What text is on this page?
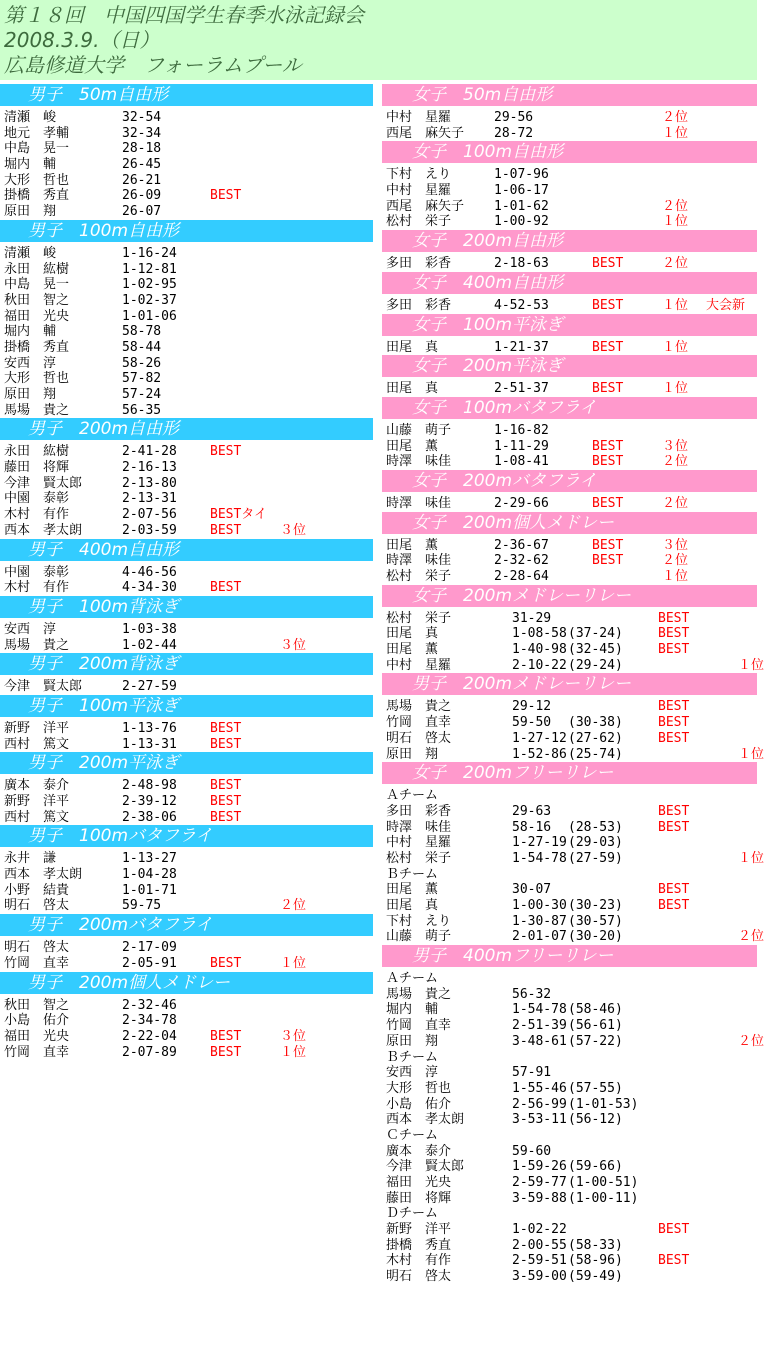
第１８回　中国四国学生春季水泳記録会
2008.3.9.（日）
広島修道大学　フォーラムプール
男子　50m自由形
清瀬　峻	32-54
地元　孝輔	32-34
中島　晃一	28-18
堀内　輔	26-45
大形　哲也	26-21
掛橋　秀直	26-09	BEST
原田　翔	26-07
男子　100m自由形
清瀬　峻	1-16-24
永田　紘樹	1-12-81
中島　晃一	1-02-95
秋田　智之	1-02-37
福田　光央	1-01-06
堀内　輔	58-78
掛橋　秀直	58-44
安西　淳	58-26
大形　哲也	57-82
原田　翔	57-24
馬場　貴之	56-35
男子　200m自由形
永田　紘樹	2-41-28	BEST
藤田　将輝	2-16-13
今津　賢太郎	2-13-80
中園　泰彰	2-13-31
木村　有作	2-07-56	BESTタイ
西本　孝太朗	2-03-59	BEST	３位
男子　400m自由形
中園　泰彰	4-46-56
木村　有作	4-34-30	BEST
男子　100m背泳ぎ
安西　淳	1-03-38
馬場　貴之	1-02-44	３位
男子　200m背泳ぎ
今津　賢太郎	2-27-59
男子　100m平泳ぎ
新野　洋平	1-13-76	BEST
西村　篤文	1-13-31	BEST
男子　200m平泳ぎ
廣本　泰介	2-48-98	BEST
新野　洋平	2-39-12	BEST
西村　篤文	2-38-06	BEST
男子　100mバタフライ
永井　謙	1-13-27
西本　孝太朗	1-04-28
小野　結貴	1-01-71
明石　啓太	59-75	２位
男子　200mバタフライ
明石　啓太	2-17-09
竹岡　直幸	2-05-91	BEST	１位
男子　200m個人メドレー
秋田　智之	2-32-46
小島　佑介	2-34-78
福田　光央	2-22-04	BEST	３位
竹岡　直幸	2-07-89	BEST	１位
女子　50m自由形
中村　星羅	29-56	２位
西尾　麻矢子 28-72	１位
女子　100m自由形
下村　えり	1-07-96
中村　星羅	1-06-17
西尾　麻矢子 1-01-62	２位
松村　栄子	1-00-92	１位
女子　200m自由形
多田　彩香	2-18-63	BEST	２位
女子　400m自由形
多田　彩香	4-52-53	BEST	１位 大会新
女子　100m平泳ぎ
田尾　真	1-21-37	BEST	１位
女子　200m平泳ぎ
田尾　真	2-51-37	BEST	１位
女子　100mバタフライ
山藤　萌子	1-16-82
田尾　薫	1-11-29	BEST	３位
時澤　味佳	1-08-41	BEST	２位
女子　200mバタフライ
時澤　味佳	2-29-66	BEST	２位
女子　200m個人メドレー
田尾　薫	2-36-67	BEST	３位
時澤　味佳	2-32-62	BEST	２位
松村　栄子	2-28-64	１位
女子　200mメドレーリレー
松村　栄子	31-29	BEST
田尾　真	1-08-58 (37-24)	BEST
田尾　薫	1-40-98 (32-45)	BEST
中村　星羅	2-10-22 (29-24)	１位
男子　200mメドレーリレー
馬場　貴之	29-12	BEST
竹岡　直幸	59-50 (30-38)	BEST
明石　啓太	1-27-12 (27-62)	BEST
原田　翔	1-52-86 (25-74)	１位
女子　200mフリーリレー
Ａチーム
多田　彩香	29-63	BEST
時澤　味佳	58-16 (28-53)	BEST
中村　星羅	1-27-19 (29-03)
松村　栄子	1-54-78 (27-59)	１位
Ｂチーム
田尾　薫	30-07	BEST
田尾　真	1-00-30 (30-23)	BEST
下村　えり	1-30-87 (30-57)
山藤　萌子	2-01-07 (30-20)	２位
男子　400mフリーリレー
Ａチーム
馬場　貴之	56-32
堀内　輔	1-54-78 (58-46)
竹岡　直幸	2-51-39 (56-61)
原田　翔	3-48-61 (57-22)	２位
Ｂチーム
安西　淳	57-91
大形　哲也	1-55-46 (57-55)
小島　佑介	2-56-99 (1-01-53)
西本　孝太朗	3-53-11 (56-12)
Ｃチーム
廣本　泰介	59-60
今津　賢太郎	1-59-26 (59-66)
福田　光央	2-59-77 (1-00-51)
藤田　将輝	3-59-88 (1-00-11)
Ｄチーム
新野　洋平	1-02-22	BEST
掛橋　秀直	2-00-55 (58-33)
木村　有作	2-59-51 (58-96)	BEST
明石　啓太	3-59-00 (59-49)
